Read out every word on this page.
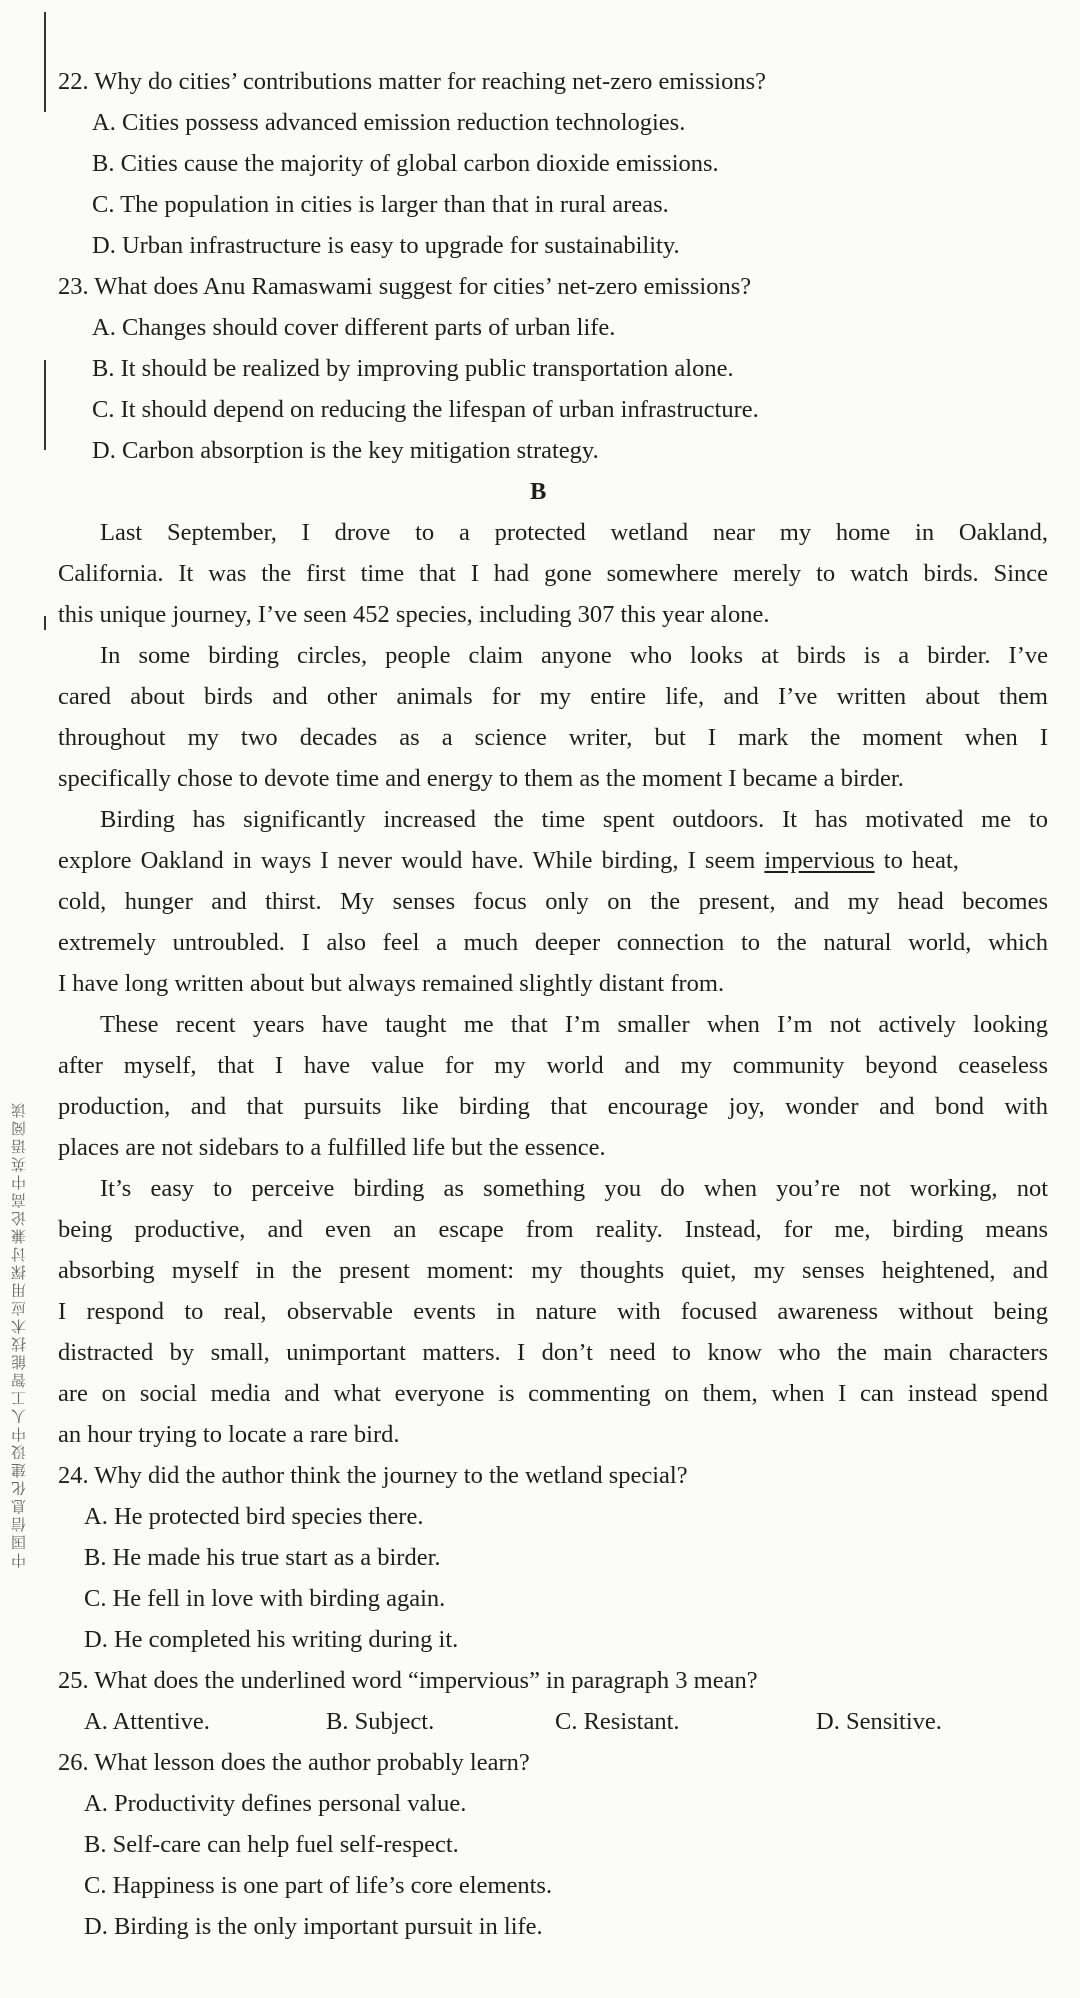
中国信息化建设中人工智能技术应用探讨兼论高中英语阅读
22. Why do cities’ contributions matter for reaching net-zero emissions?
A. Cities possess advanced emission reduction technologies.
B. Cities cause the majority of global carbon dioxide emissions.
C. The population in cities is larger than that in rural areas.
D. Urban infrastructure is easy to upgrade for sustainability.
23. What does Anu Ramaswami suggest for cities’ net-zero emissions?
A. Changes should cover different parts of urban life.
B. It should be realized by improving public transportation alone.
C. It should depend on reducing the lifespan of urban infrastructure.
D. Carbon absorption is the key mitigation strategy.
B
Last September, I drove to a protected wetland near my home in Oakland,
California. It was the first time that I had gone somewhere merely to watch birds. Since
this unique journey, I’ve seen 452 species, including 307 this year alone.
In some birding circles, people claim anyone who looks at birds is a birder. I’ve
cared about birds and other animals for my entire life, and I’ve written about them
throughout my two decades as a science writer, but I mark the moment when I
specifically chose to devote time and energy to them as the moment I became a birder.
Birding has significantly increased the time spent outdoors. It has motivated me to
explore Oakland in ways I never would have. While birding, I seem impervious to heat,
cold, hunger and thirst. My senses focus only on the present, and my head becomes
extremely untroubled. I also feel a much deeper connection to the natural world, which
I have long written about but always remained slightly distant from.
These recent years have taught me that I’m smaller when I’m not actively looking
after myself, that I have value for my world and my community beyond ceaseless
production, and that pursuits like birding that encourage joy, wonder and bond with
places are not sidebars to a fulfilled life but the essence.
It’s easy to perceive birding as something you do when you’re not working, not
being productive, and even an escape from reality. Instead, for me, birding means
absorbing myself in the present moment: my thoughts quiet, my senses heightened, and
I respond to real, observable events in nature with focused awareness without being
distracted by small, unimportant matters. I don’t need to know who the main characters
are on social media and what everyone is commenting on them, when I can instead spend
an hour trying to locate a rare bird.
24. Why did the author think the journey to the wetland special?
A. He protected bird species there.
B. He made his true start as a birder.
C. He fell in love with birding again.
D. He completed his writing during it.
25. What does the underlined word “impervious” in paragraph 3 mean?
A. Attentive.	B. Subject.	C. Resistant.	D. Sensitive.
26. What lesson does the author probably learn?
A. Productivity defines personal value.
B. Self-care can help fuel self-respect.
C. Happiness is one part of life’s core elements.
D. Birding is the only important pursuit in life.
